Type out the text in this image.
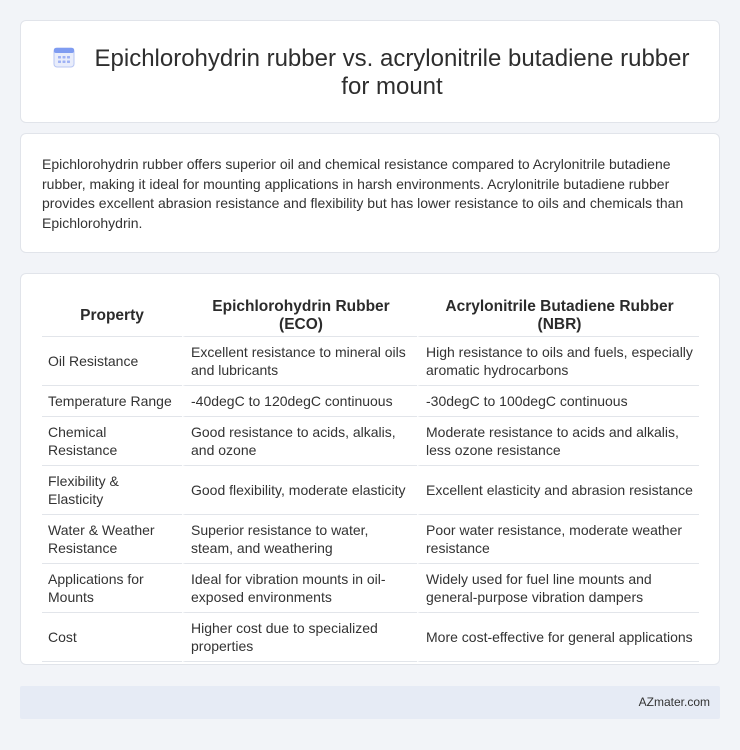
Epichlorohydrin rubber vs. acrylonitrile butadiene rubber for mount

Epichlorohydrin rubber offers superior oil and chemical resistance compared to Acrylonitrile butadiene rubber, making it ideal for mounting applications in harsh environments. Acrylonitrile butadiene rubber provides excellent abrasion resistance and flexibility but has lower resistance to oils and chemicals than Epichlorohydrin.

Property	Epichlorohydrin Rubber (ECO)	Acrylonitrile Butadiene Rubber (NBR)
Oil Resistance	Excellent resistance to mineral oils and lubricants	High resistance to oils and fuels, especially aromatic hydrocarbons
Temperature Range	-40degC to 120degC continuous	-30degC to 100degC continuous
Chemical Resistance	Good resistance to acids, alkalis, and ozone	Moderate resistance to acids and alkalis, less ozone resistance
Flexibility & Elasticity	Good flexibility, moderate elasticity	Excellent elasticity and abrasion resistance
Water & Weather Resistance	Superior resistance to water, steam, and weathering	Poor water resistance, moderate weather resistance
Applications for Mounts	Ideal for vibration mounts in oil-exposed environments	Widely used for fuel line mounts and general-purpose vibration dampers
Cost	Higher cost due to specialized properties	More cost-effective for general applications
AZmater.com
